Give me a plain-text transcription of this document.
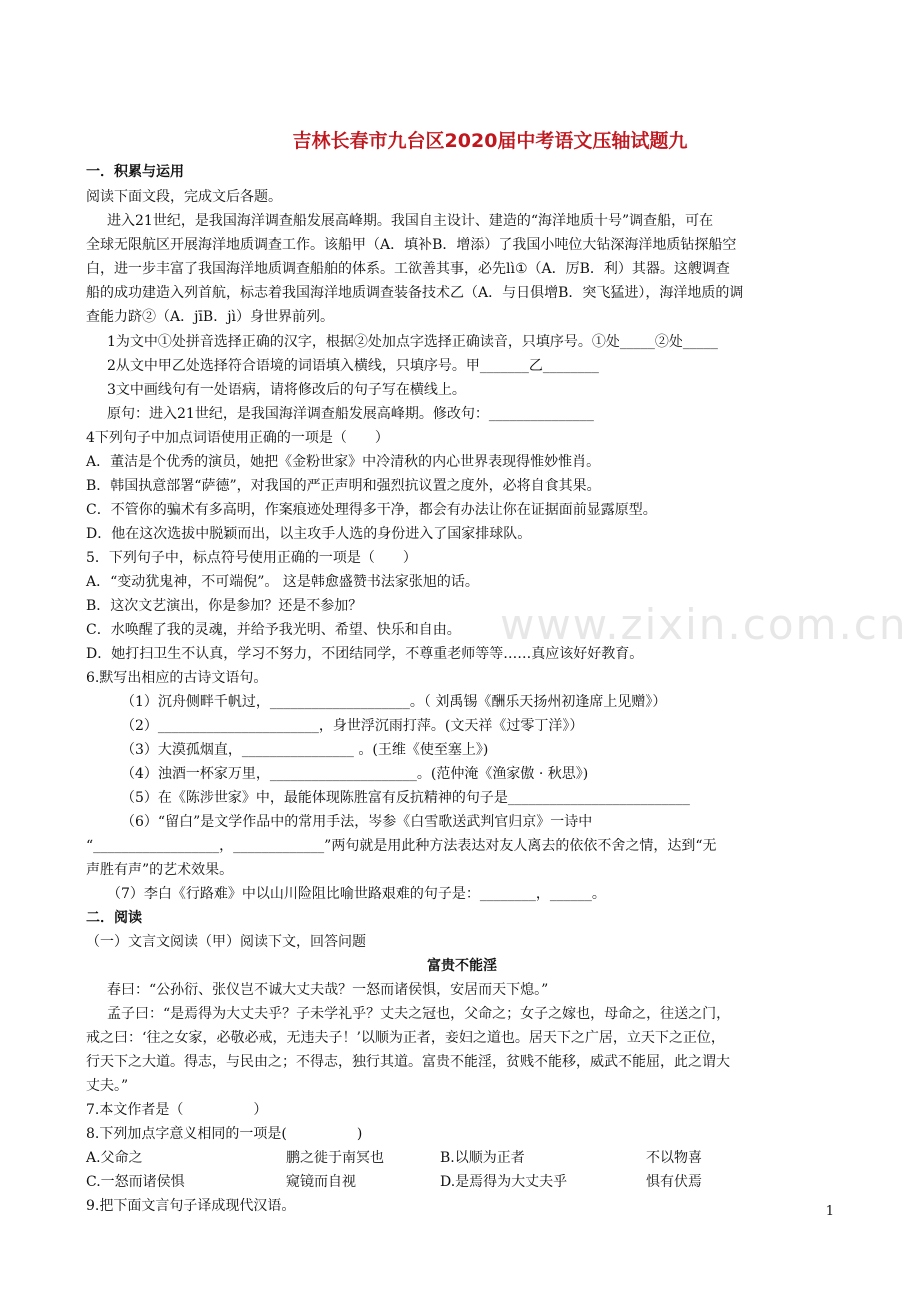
吉林长春市九台区2020届中考语文压轴试题九
一．积累与运用
阅读下面文段，完成文后各题。
进入21世纪，是我国海洋调查船发展高峰期。我国自主设计、建造的“海洋地质十号”调查船，可在
全球无限航区开展海洋地质调查工作。该船甲（A．填补B．增添）了我国小吨位大钻深海洋地质钻探船空
白，进一步丰富了我国海洋地质调查船舶的体系。工欲善其事，必先lì①（A．厉B．利）其器。这艘调查
船的成功建造入列首航，标志着我国海洋地质调查装备技术乙（A．与日俱增B．突飞猛进），海洋地质的调
查能力跻②（A．jīB．jì）身世界前列。
1为文中①处拼音选择正确的汉字，根据②处加点字选择正确读音，只填序号。①处_____②处_____
2从文中甲乙处选择符合语境的词语填入横线，只填序号。甲_______乙________
3文中画线句有一处语病，请将修改后的句子写在横线上。
原句：进入21世纪，是我国海洋调查船发展高峰期。修改句：_______________
4下列句子中加点词语使用正确的一项是（　　）
A．董洁是个优秀的演员，她把《金粉世家》中冷清秋的内心世界表现得惟妙惟肖。
B．韩国执意部署“萨德”，对我国的严正声明和强烈抗议置之度外，必将自食其果。
C．不管你的骗术有多高明，作案痕迹处理得多干净，都会有办法让你在证据面前显露原型。
D．他在这次选拔中脱颖而出，以主攻手人选的身份进入了国家排球队。
5．下列句子中，标点符号使用正确的一项是（　　）
A．“变动犹鬼神，不可端倪”。 这是韩愈盛赞书法家张旭的话。
B．这次文艺演出，你是参加？还是不参加？
C．水唤醒了我的灵魂，并给予我光明、希望、快乐和自由。
D．她打扫卫生不认真，学习不努力，不团结同学，不尊重老师等等……真应该好好教育。
6.默写出相应的古诗文语句。
（1）沉舟侧畔千帆过，____________________。（ 刘禹锡《酬乐天扬州初逢席上见赠》）
（2）_______________________，身世浮沉雨打萍。(文天祥《过零丁洋》）
（3）大漠孤烟直，________________ 。(王维《使至塞上》)
（4）浊酒一杯家万里，_____________________。(范仲淹《渔家傲 · 秋思》)
（5）在《陈涉世家》中，最能体现陈胜富有反抗精神的句子是__________________________
（6）“留白”是文学作品中的常用手法，岑参《白雪歌送武判官归京》一诗中
“__________________，_____________”两句就是用此种方法表达对友人离去的依依不舍之情，达到“无
声胜有声”的艺术效果。
（7）李白《行路难》中以山川险阻比喻世路艰难的句子是：________，______。
二．阅读
（一）文言文阅读（甲）阅读下文，回答问题
富贵不能淫
春曰：“公孙衍、张仪岂不诚大丈夫哉？一怒而诸侯惧，安居而天下熄。”
孟子曰：“是焉得为大丈夫乎？子未学礼乎？丈夫之冠也，父命之；女子之嫁也，母命之，往送之门，
戒之曰：‘往之女家，必敬必戒，无违夫子！’以顺为正者，妾妇之道也。居天下之广居，立天下之正位，
行天下之大道。得志，与民由之；不得志，独行其道。富贵不能淫，贫贱不能移，威武不能屈，此之谓大
丈夫。”
7.本文作者是（　　　　　）
8.下列加点字意义相同的一项是(　　　　　)
A.父命之	鹏之徙于南冥也	B.以顺为正者	不以物喜
C.一怒而诸侯惧	窥镜而自视	D.是焉得为大丈夫乎	惧有伏焉
9.把下面文言句子译成现代汉语。	1
www.zixin.com.cn
